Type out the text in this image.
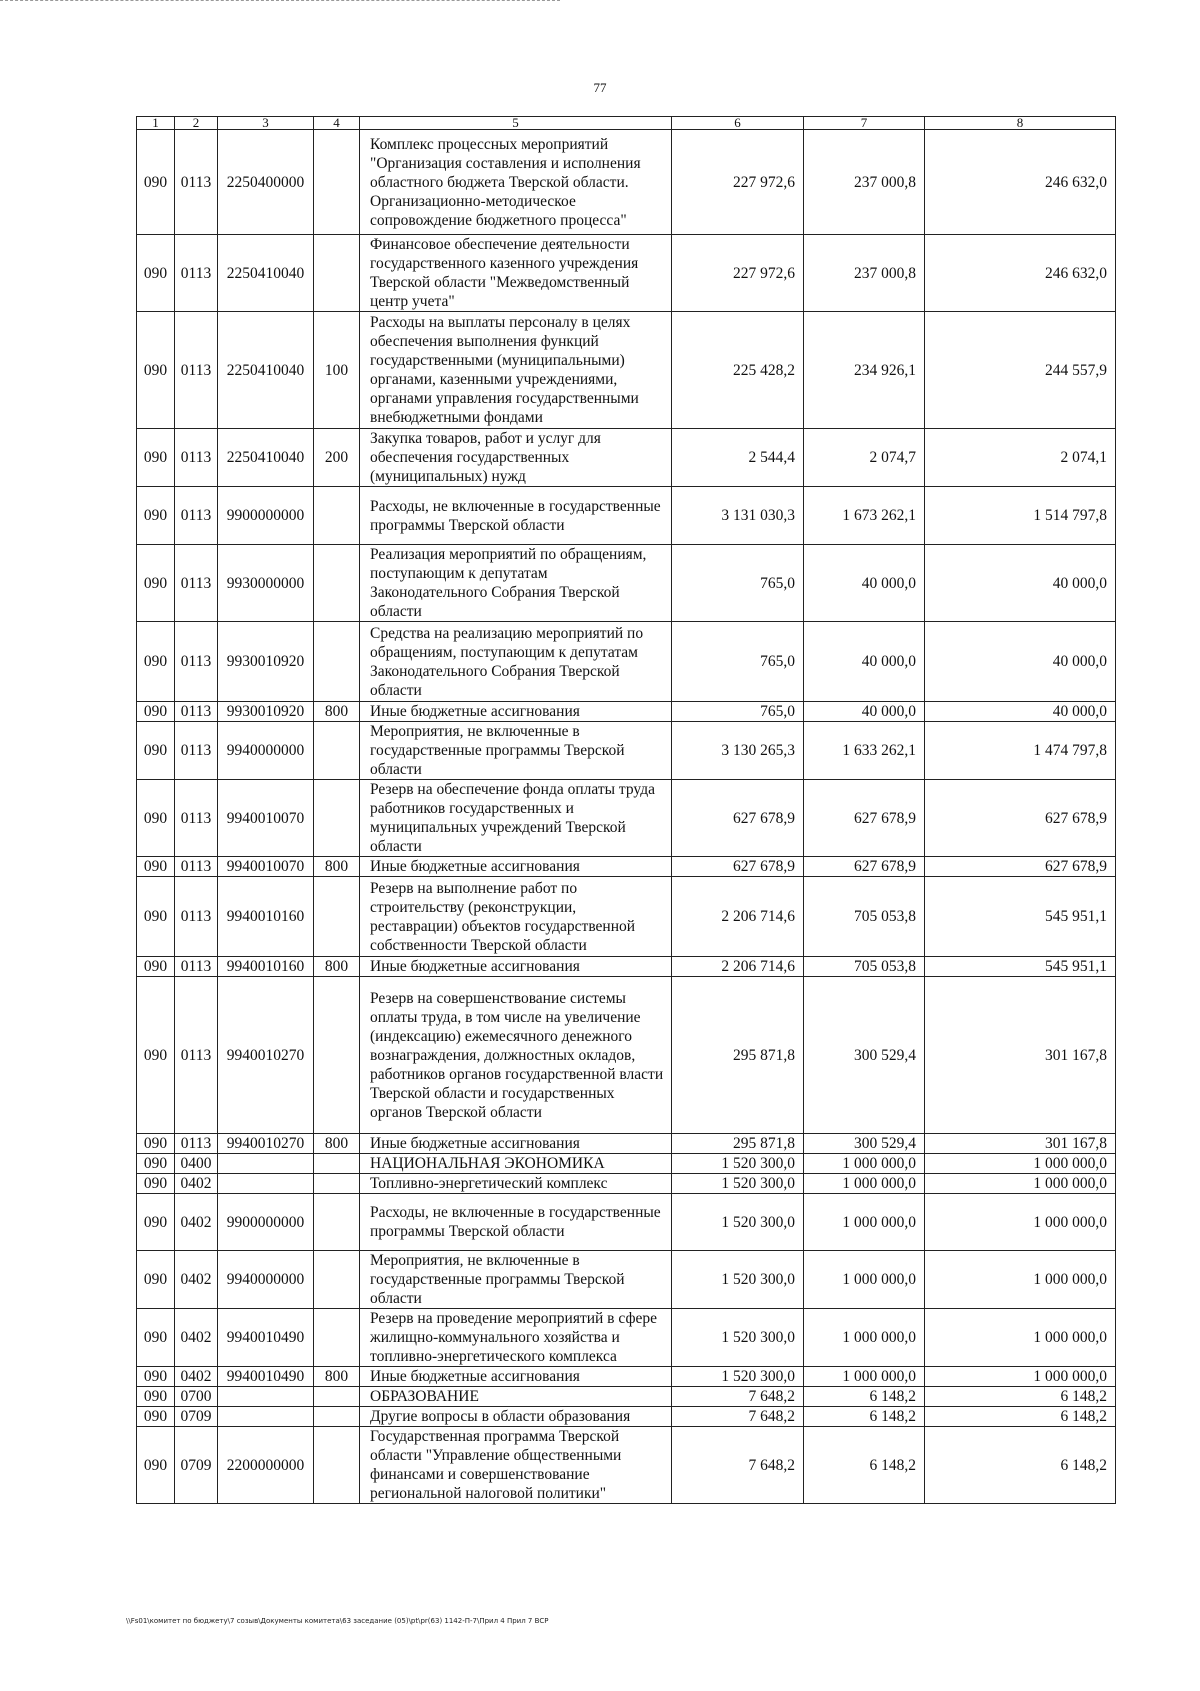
77
1	2	3	4	5	6	7	8
090	0113	2250400000		Комплекс процессных мероприятий "Организация составления и исполнения областного бюджета Тверской области. Организационно-методическое сопровождение бюджетного процесса"	227 972,6	237 000,8	246 632,0
090	0113	2250410040		Финансовое обеспечение деятельности государственного казенного учреждения Тверской области "Межведомственный центр учета"	227 972,6	237 000,8	246 632,0
090	0113	2250410040	100	Расходы на выплаты персоналу в целях обеспечения выполнения функций государственными (муниципальными) органами, казенными учреждениями, органами управления государственными внебюджетными фондами	225 428,2	234 926,1	244 557,9
090	0113	2250410040	200	Закупка товаров, работ и услуг для обеспечения государственных (муниципальных) нужд	2 544,4	2 074,7	2 074,1
090	0113	9900000000		Расходы, не включенные в государственные программы Тверской области	3 131 030,3	1 673 262,1	1 514 797,8
090	0113	9930000000		Реализация мероприятий по обращениям, поступающим к депутатам Законодательного Собрания Тверской области	765,0	40 000,0	40 000,0
090	0113	9930010920		Средства на реализацию мероприятий по обращениям, поступающим к депутатам Законодательного Собрания Тверской области	765,0	40 000,0	40 000,0
090	0113	9930010920	800	Иные бюджетные ассигнования	765,0	40 000,0	40 000,0
090	0113	9940000000		Мероприятия, не включенные в государственные программы Тверской области	3 130 265,3	1 633 262,1	1 474 797,8
090	0113	9940010070		Резерв на обеспечение фонда оплаты труда работников государственных и муниципальных учреждений Тверской области	627 678,9	627 678,9	627 678,9
090	0113	9940010070	800	Иные бюджетные ассигнования	627 678,9	627 678,9	627 678,9
090	0113	9940010160		Резерв на выполнение работ по строительству (реконструкции, реставрации) объектов государственной собственности Тверской области	2 206 714,6	705 053,8	545 951,1
090	0113	9940010160	800	Иные бюджетные ассигнования	2 206 714,6	705 053,8	545 951,1
090	0113	9940010270		Резерв на совершенствование системы оплаты труда, в том числе на увеличение (индексацию) ежемесячного денежного вознаграждения, должностных окладов, работников органов государственной власти Тверской области и государственных органов Тверской области	295 871,8	300 529,4	301 167,8
090	0113	9940010270	800	Иные бюджетные ассигнования	295 871,8	300 529,4	301 167,8
090	0400			НАЦИОНАЛЬНАЯ ЭКОНОМИКА	1 520 300,0	1 000 000,0	1 000 000,0
090	0402			Топливно-энергетический комплекс	1 520 300,0	1 000 000,0	1 000 000,0
090	0402	9900000000		Расходы, не включенные в государственные программы Тверской области	1 520 300,0	1 000 000,0	1 000 000,0
090	0402	9940000000		Мероприятия, не включенные в государственные программы Тверской области	1 520 300,0	1 000 000,0	1 000 000,0
090	0402	9940010490		Резерв на проведение мероприятий в сфере жилищно-коммунального хозяйства и топливно-энергетического комплекса	1 520 300,0	1 000 000,0	1 000 000,0
090	0402	9940010490	800	Иные бюджетные ассигнования	1 520 300,0	1 000 000,0	1 000 000,0
090	0700			ОБРАЗОВАНИЕ	7 648,2	6 148,2	6 148,2
090	0709			Другие вопросы в области образования	7 648,2	6 148,2	6 148,2
090	0709	2200000000		Государственная программа Тверской области "Управление общественными финансами и совершенствование региональной налоговой политики"	7 648,2	6 148,2	6 148,2
\\Fs01\комитет по бюджету\7 созыв\Документы комитета\63 заседание (05)\pt\pr(63) 1142-П-7\Прил 4 Прил 7 ВСР
